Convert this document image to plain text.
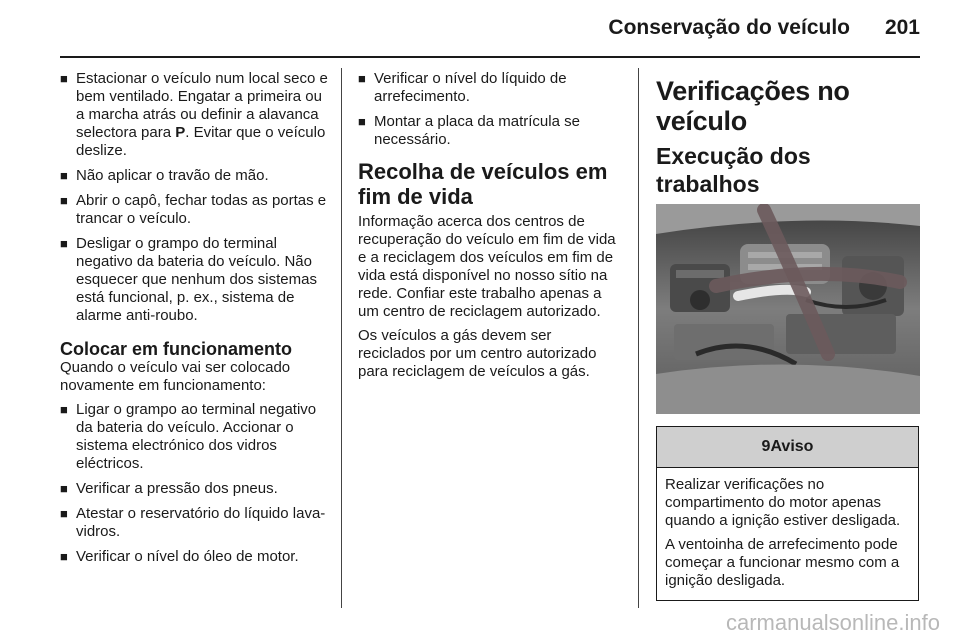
Conservação do veículo	201
■ Estacionar o veículo num local seco e bem ventilado. Engatar a primeira ou a marcha atrás ou definir a alavanca selectora para P. Evitar que o veículo deslize.
■ Não aplicar o travão de mão.
■ Abrir o capô, fechar todas as portas e trancar o veículo.
■ Desligar o grampo do terminal negativo da bateria do veículo. Não esquecer que nenhum dos sistemas está funcional, p. ex., sistema de alarme anti-roubo.
Colocar em funcionamento

Quando o veículo vai ser colocado novamente em funcionamento:

■ Ligar o grampo ao terminal negativo da bateria do veículo. Accionar o sistema electrónico dos vidros eléctricos.
■ Verificar a pressão dos pneus.
■ Atestar o reservatório do líquido lava-vidros.
■ Verificar o nível do óleo de motor.
■ Verificar o nível do líquido de arrefecimento.
■ Montar a placa da matrícula se necessário.
Recolha de veículos em fim de vida

Informação acerca dos centros de recuperação do veículo em fim de vida e a reciclagem dos veículos em fim de vida está disponível no nosso sítio na rede. Confiar este trabalho apenas a um centro de reciclagem autorizado.

Os veículos a gás devem ser reciclados por um centro autorizado para reciclagem de veículos a gás.

Verificações no veículo
Execução dos trabalhos
9Aviso

Realizar verificações no compartimento do motor apenas quando a ignição estiver desligada.

A ventoinha de arrefecimento pode começar a funcionar mesmo com a ignição desligada.

carmanualsonline.info
